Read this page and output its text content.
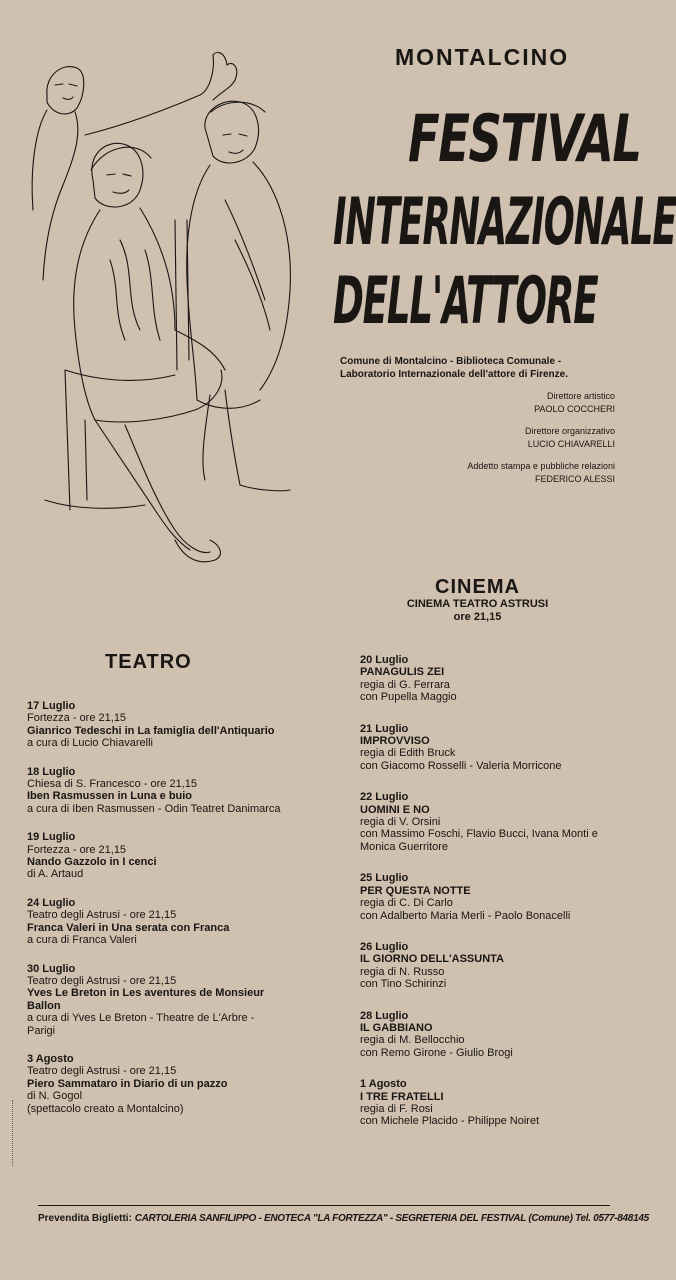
MONTALCINO
FESTIVAL
INTERNAZIONALE
DELL'ATTORE
Comune di Montalcino - Biblioteca Comunale - Laboratorio Internazionale dell'attore di Firenze.
Direttore artistico
PAOLO COCCHERI
Direttore organizzativo
LUCIO CHIAVARELLI
Addetto stampa e pubbliche relazioni
FEDERICO ALESSI
CINEMA
CINEMA TEATRO ASTRUSI
ore 21,15
TEATRO
17 Luglio
Fortezza - ore 21,15
Gianrico Tedeschi in La famiglia dell'Antiquario
a cura di Lucio Chiavarelli
18 Luglio
Chiesa di S. Francesco - ore 21,15
Iben Rasmussen in Luna e buio
a cura di Iben Rasmussen - Odin Teatret Danimarca
19 Luglio
Fortezza - ore 21,15
Nando Gazzolo in I cenci
di A. Artaud
24 Luglio
Teatro degli Astrusi - ore 21,15
Franca Valeri in Una serata con Franca
a cura di Franca Valeri
30 Luglio
Teatro degli Astrusi - ore 21,15
Yves Le Breton in Les aventures de Monsieur Ballon
a cura di Yves Le Breton - Theatre de L'Arbre - Parigi
3 Agosto
Teatro degli Astrusi - ore 21,15
Piero Sammataro in Diario di un pazzo
di N. Gogol
(spettacolo creato a Montalcino)
20 Luglio
PANAGULIS ZEI
regia di G. Ferrara
con Pupella Maggio
21 Luglio
IMPROVVISO
regia di Edith Bruck
con Giacomo Rosselli - Valeria Morricone
22 Luglio
UOMINI E NO
regia di V. Orsini
con Massimo Foschi, Flavio Bucci, Ivana Monti e Monica Guerritore
25 Luglio
PER QUESTA NOTTE
regia di C. Di Carlo
con Adalberto Maria Merli - Paolo Bonacelli
26 Luglio
IL GIORNO DELL'ASSUNTA
regia di N. Russo
con Tino Schirinzi
28 Luglio
IL GABBIANO
regia di M. Bellocchio
con Remo Girone - Giulio Brogi
1 Agosto
I TRE FRATELLI
regia di F. Rosi
con Michele Placido - Philippe Noiret
Prevendita Biglietti: CARTOLERIA SANFILIPPO - ENOTECA "LA FORTEZZA" - SEGRETERIA DEL FESTIVAL (Comune) Tel. 0577-848145
